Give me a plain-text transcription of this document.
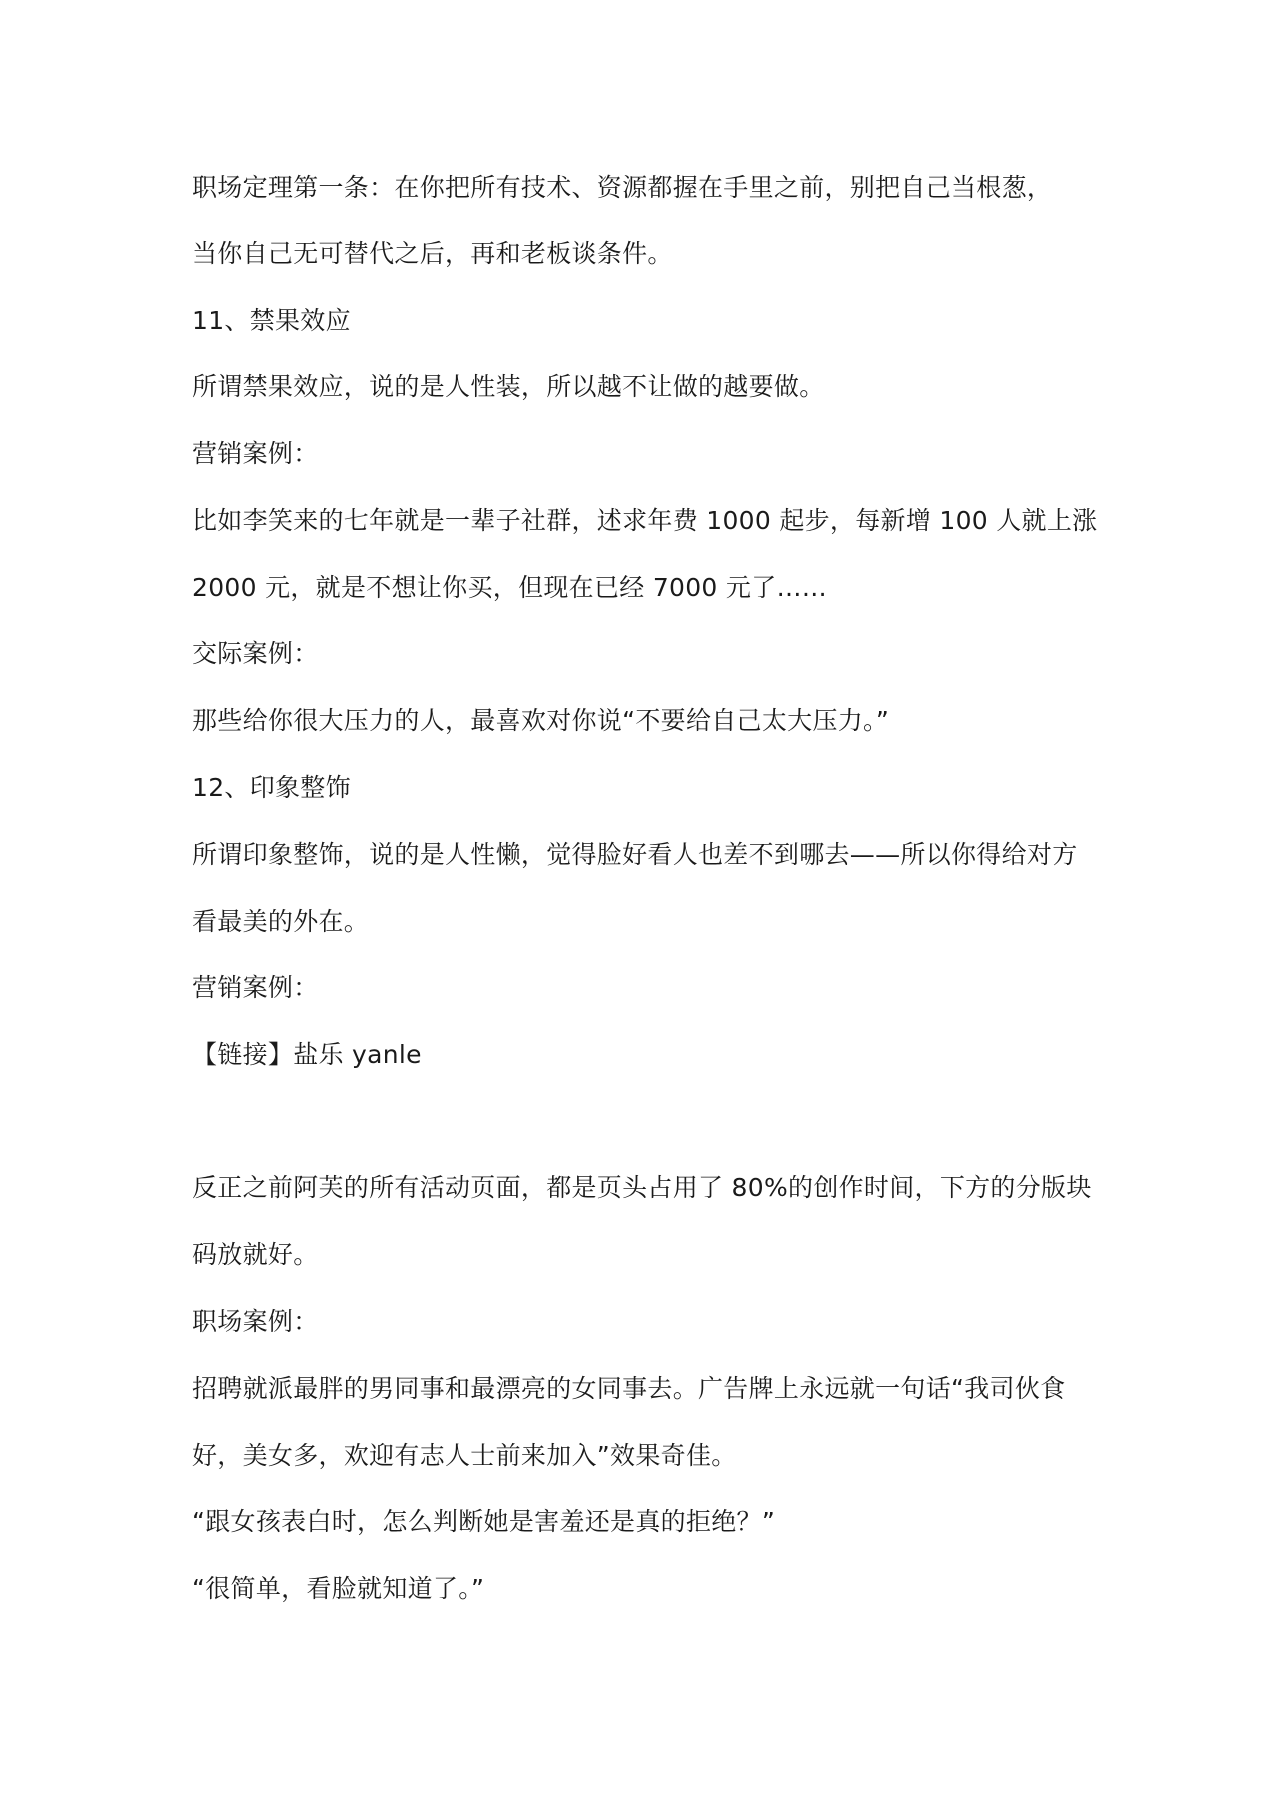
职场定理第一条：在你把所有技术、资源都握在手里之前，别把自己当根葱，

当你自己无可替代之后，再和老板谈条件。

11、禁果效应

所谓禁果效应，说的是人性装，所以越不让做的越要做。

营销案例：

比如李笑来的七年就是一辈子社群，述求年费 1000 起步，每新增 100 人就上涨

2000 元，就是不想让你买，但现在已经 7000 元了……

交际案例：

那些给你很大压力的人，最喜欢对你说“不要给自己太大压力。”

12、印象整饰

所谓印象整饰，说的是人性懒，觉得脸好看人也差不到哪去——所以你得给对方

看最美的外在。

营销案例：

【链接】盐乐 yanle

反正之前阿芙的所有活动页面，都是页头占用了 80%的创作时间，下方的分版块

码放就好。

职场案例：

招聘就派最胖的男同事和最漂亮的女同事去。广告牌上永远就一句话“我司伙食

好，美女多，欢迎有志人士前来加入”效果奇佳。

“跟女孩表白时，怎么判断她是害羞还是真的拒绝？”

“很简单，看脸就知道了。”
